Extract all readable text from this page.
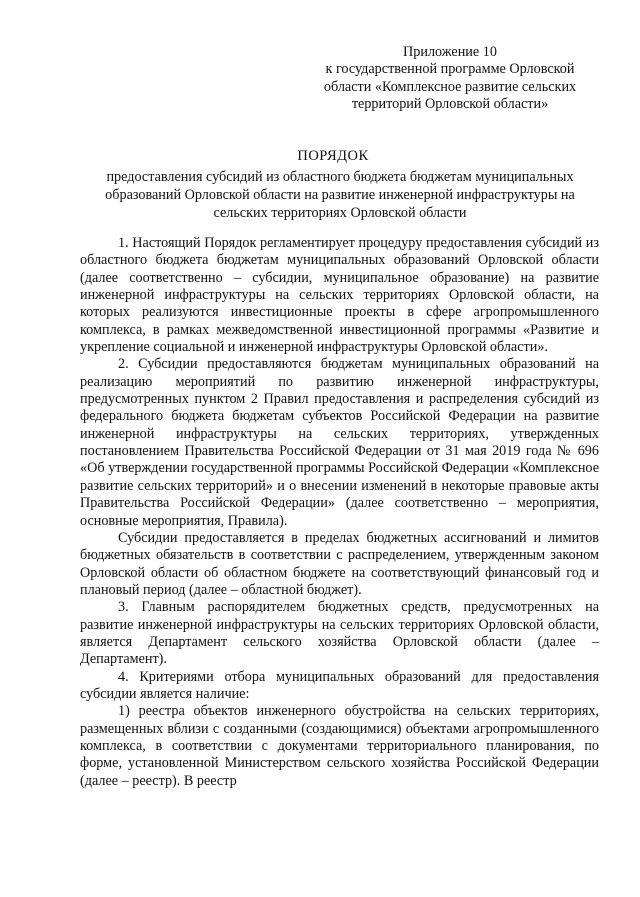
Приложение 10
к государственной программе Орловской
области «Комплексное развитие сельских
территорий Орловской области»
ПОРЯДОК
предоставления субсидий из областного бюджета бюджетам муниципальных
образований Орловской области на развитие инженерной инфраструктуры на
сельских территориях Орловской области

1. Настоящий Порядок регламентирует процедуру предоставления субсидий из областного бюджета бюджетам муниципальных образований Орловской области (далее соответственно – субсидии, муниципальное образование) на развитие инженерной инфраструктуры на сельских территориях Орловской области, на которых реализуются инвестиционные проекты в сфере агропромышленного комплекса, в рамках межведомственной инвестиционной программы «Развитие и укрепление социальной и инженерной инфраструктуры Орловской области».

2. Субсидии предоставляются бюджетам муниципальных образований на реализацию мероприятий по развитию инженерной инфраструктуры, предусмотренных пунктом 2 Правил предоставления и распределения субсидий из федерального бюджета бюджетам субъектов Российской Федерации на развитие инженерной инфраструктуры на сельских территориях, утвержденных постановлением Правительства Российской Федерации от 31 мая 2019 года № 696 «Об утверждении государственной программы Российской Федерации «Комплексное развитие сельских территорий» и о внесении изменений в некоторые правовые акты Правительства Российской Федерации» (далее соответственно – мероприятия, основные мероприятия, Правила).

Субсидии предоставляется в пределах бюджетных ассигнований и лимитов бюджетных обязательств в соответствии с распределением, утвержденным законом Орловской области об областном бюджете на соответствующий финансовый год и плановый период (далее – областной бюджет).

3. Главным распорядителем бюджетных средств, предусмотренных на развитие инженерной инфраструктуры на сельских территориях Орловской области, является Департамент сельского хозяйства Орловской области (далее – Департамент).

4. Критериями отбора муниципальных образований для предоставления субсидии является наличие:

1) реестра объектов инженерного обустройства на сельских территориях, размещенных вблизи с созданными (создающимися) объектами агропромышленного комплекса, в соответствии с документами территориального планирования, по форме, установленной Министерством сельского хозяйства Российской Федерации (далее – реестр). В реестр
